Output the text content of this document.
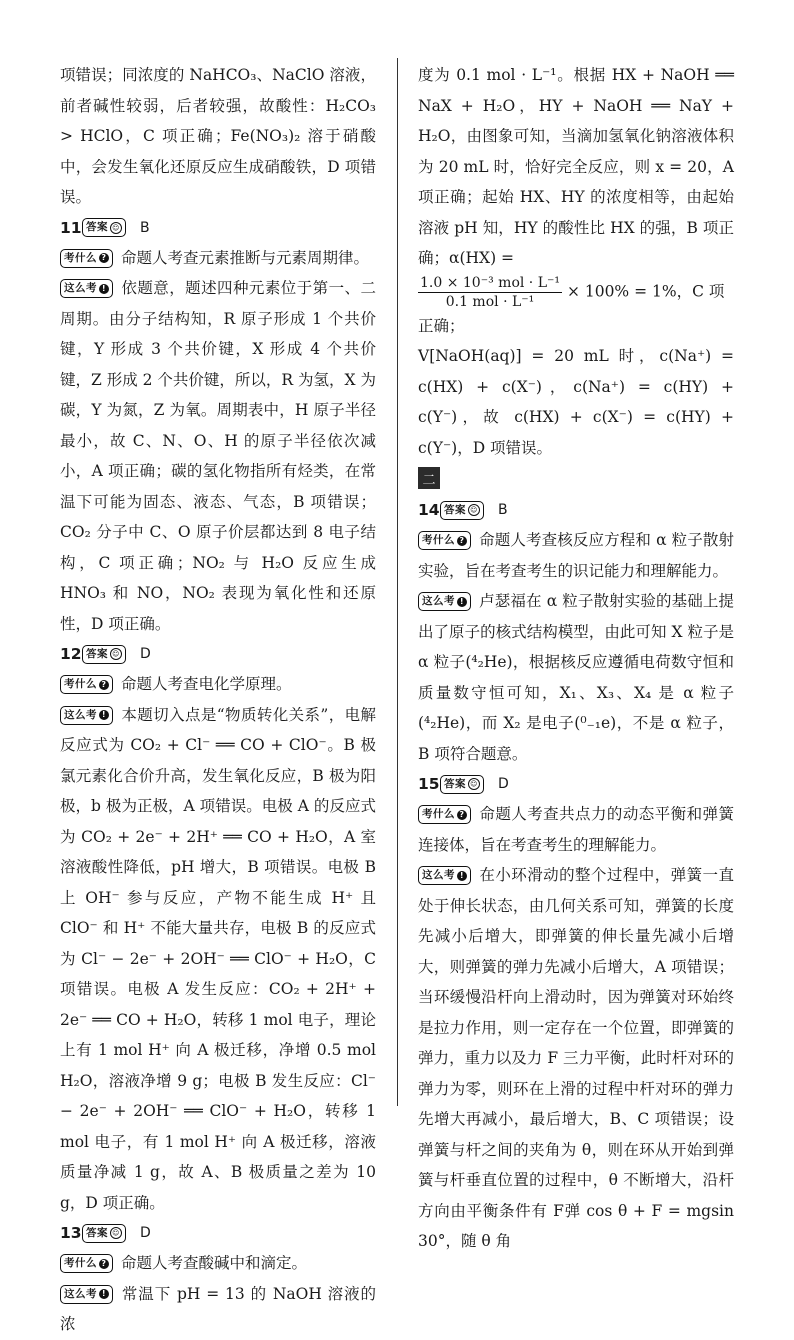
项错误；同浓度的 NaHCO₃、NaClO 溶液，前者碱性较弱，后者较强，故酸性：H₂CO₃ > HClO，C 项正确；Fe(NO₃)₂ 溶于硝酸中，会发生氧化还原反应生成硝酸铁，D 项错误。

11 答案 ☺ B

考什么 ? 命题人考查元素推断与元素周期律。

这么考 ! 依题意，题述四种元素位于第一、二周期。由分子结构知，R 原子形成 1 个共价键，Y 形成 3 个共价键，X 形成 4 个共价键，Z 形成 2 个共价键，所以，R 为氢，X 为碳，Y 为氮，Z 为氧。周期表中，H 原子半径最小，故 C、N、O、H 的原子半径依次减小，A 项正确；碳的氢化物指所有烃类，在常温下可能为固态、液态、气态，B 项错误；CO₂ 分子中 C、O 原子价层都达到 8 电子结构，C 项正确；NO₂ 与 H₂O 反应生成 HNO₃ 和 NO，NO₂ 表现为氧化性和还原性，D 项正确。

12 答案 ☺ D

考什么 ? 命题人考查电化学原理。

这么考 ! 本题切入点是“物质转化关系”，电解反应式为 CO₂ + Cl⁻ ══ CO + ClO⁻。B 极氯元素化合价升高，发生氧化反应，B 极为阳极，b 极为正极，A 项错误。电极 A 的反应式为 CO₂ + 2e⁻ + 2H⁺ ══ CO + H₂O，A 室溶液酸性降低，pH 增大，B 项错误。电极 B 上 OH⁻ 参与反应，产物不能生成 H⁺ 且 ClO⁻ 和 H⁺ 不能大量共存，电极 B 的反应式为 Cl⁻ − 2e⁻ + 2OH⁻ ══ ClO⁻ + H₂O，C 项错误。电极 A 发生反应：CO₂ + 2H⁺ + 2e⁻ ══ CO + H₂O，转移 1 mol 电子，理论上有 1 mol H⁺ 向 A 极迁移，净增 0.5 mol H₂O，溶液净增 9 g；电极 B 发生反应：Cl⁻ − 2e⁻ + 2OH⁻ ══ ClO⁻ + H₂O，转移 1 mol 电子，有 1 mol H⁺ 向 A 极迁移，溶液质量净减 1 g，故 A、B 极质量之差为 10 g，D 项正确。

13 答案 ☺ D

考什么 ? 命题人考查酸碱中和滴定。

这么考 ! 常温下 pH = 13 的 NaOH 溶液的浓

度为 0.1 mol · L⁻¹。根据 HX + NaOH ══ NaX + H₂O，HY + NaOH ══ NaY + H₂O，由图象可知，当滴加氢氧化钠溶液体积为 20 mL 时，恰好完全反应，则 x = 20，A 项正确；起始 HX、HY 的浓度相等，由起始溶液 pH 知，HY 的酸性比 HX 的强，B 项正确；α(HX) =

$\frac{\text{1.0 × 10⁻³ mol · L⁻¹}}{\text{0.1 mol · L⁻¹}} \times 100\% = 1\%$，C 项正确；

V[NaOH(aq)] = 20 mL 时，c(Na⁺) = c(HX) + c(X⁻)，c(Na⁺) = c(HY) + c(Y⁻)，故 c(HX) + c(X⁻) = c(HY) + c(Y⁻)，D 项错误。

二
14 答案 ☺ B

考什么 ? 命题人考查核反应方程和 α 粒子散射实验，旨在考查考生的识记能力和理解能力。

这么考 ! 卢瑟福在 α 粒子散射实验的基础上提出了原子的核式结构模型，由此可知 X 粒子是 α 粒子(⁴₂He)，根据核反应遵循电荷数守恒和质量数守恒可知，X₁、X₃、X₄ 是 α 粒子(⁴₂He)，而 X₂ 是电子(⁰₋₁e)，不是 α 粒子，B 项符合题意。

15 答案 ☺ D

考什么 ? 命题人考查共点力的动态平衡和弹簧连接体，旨在考查考生的理解能力。

这么考 ! 在小环滑动的整个过程中，弹簧一直处于伸长状态，由几何关系可知，弹簧的长度先减小后增大，即弹簧的伸长量先减小后增大，则弹簧的弹力先减小后增大，A 项错误；当环缓慢沿杆向上滑动时，因为弹簧对环始终是拉力作用，则一定存在一个位置，即弹簧的弹力，重力以及力 F 三力平衡，此时杆对环的弹力为零，则环在上滑的过程中杆对环的弹力先增大再减小，最后增大，B、C 项错误；设弹簧与杆之间的夹角为 θ，则在环从开始到弹簧与杆垂直位置的过程中，θ 不断增大，沿杆方向由平衡条件有 F弹 cos θ + F = mgsin 30°，随 θ 角
